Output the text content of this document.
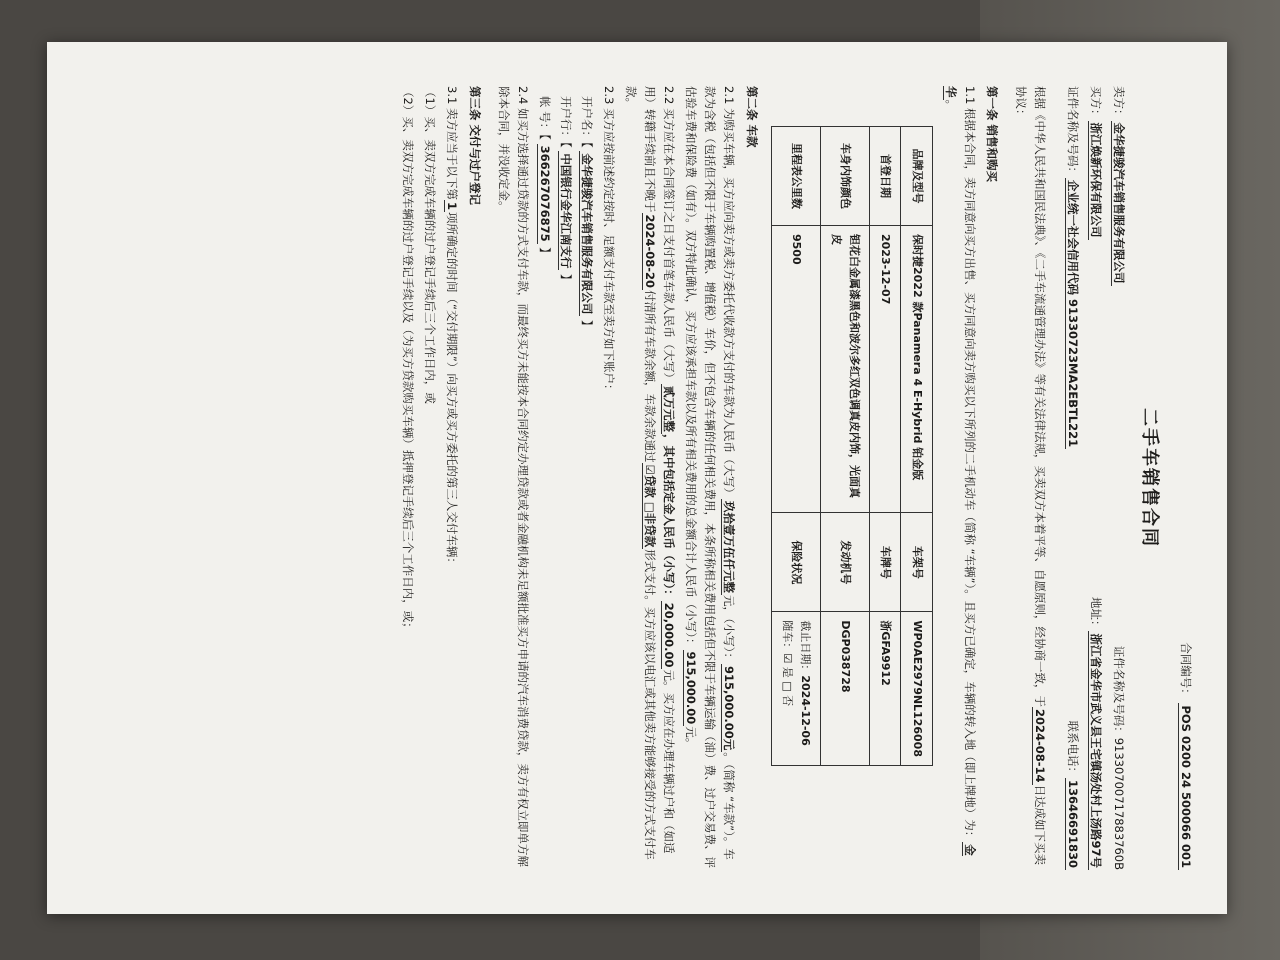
合同编号： POS 0200 24 500066 001
二手车销售合同
卖方：金华捷骏汽车销售服务有限公司
证件名称及号码：91330700717883760B
买方：浙江焕新环保有限公司
地址：浙江省金华市武义县王宅镇汤处村上汤路97号
证件名称及号码：企业统一社会信用代码 91330723MA2EBTL221
联系电话：13646691830

根据《中华人民共和国民法典》、《二手车流通管理办法》等有关法律法规，买卖双方本着平等、自愿原则，经协商一致，于2024-08-14日达成如下买卖协议：

第一条 销售和购买

1.1 根据本合同，卖方同意向买方出售、买方同意向卖方购买以下所列的二手机动车（简称 “车辆”）。且买方已确定，车辆的转入地（即上牌地）为：金华。

品牌及型号	保时捷2022 款Panamera 4 E-Hybrid 铂金版	车架号	WP0AE2979NL126008
首登日期	2023-12-07	车牌号	浙GFA9912
车身内饰颜色	钽花白金属漆黑色和波尔多红双色调真皮内饰，光面真皮	发动机号	DGP038728
里程表公里数	9500	保险状况	截止日期：2024-12-06
随车：☑ 是 □ 否
第二条 车款

2.1 为购买车辆，买方应向卖方或卖方委托代收款方支付的车款为人民币（大写）玖拾壹万伍仟元整元，（小写）：915,000.00元。（简称 “车款”）。车款为含税（包括但不限于车辆购置税、增值税）车价，但不包含车辆的任何相关费用，本条所称相关费用包括但不限于车辆运输（油）费、过户交易费、评估验车费和保险费（如有）。双方特此确认，买方应该承担车款以及所有相关费用的总金额合计人民币（小写）：915,000.00元。

2.2 买方应在本合同签订之日支付首笔车款人民币（大写）贰万元整，其中包括定金人民币（小写）：20,000.00元。买方应在办理车辆过户和（如适用）转籍手续前且不晚于2024-08-20付清所有车款余额，车款余款通过☑贷款 □非贷款形式支付。买方应该以电汇或其他卖方能够接受的方式支付车款。

2.3 买方应按前述约定按时、足额支付车款至卖方如下账户：

开户名：【 金华捷骏汽车销售服务有限公司 】
开户行：【 中国银行金华江南支行 】
帐 号：【 366267076875 】

2.4 如买方选择通过贷款的方式支付车款，而最终买方未能按本合同约定办理贷款或者金融机构未足额批准买方申请的汽车消费贷款，卖方有权立即单方解除本合同，并没收定金。

第三条 交付与过户登记

3.1 卖方应当于以下第1项所确定的时间（“交付期限”）向买方或买方委托的第三人交付车辆：

（1）买、卖双方完成车辆的过户登记手续后三个工作日内，或

（2）买、卖双方完成车辆的过户登记手续以及（为买方贷款购买车辆）抵押登记手续后三个工作日内，或；
